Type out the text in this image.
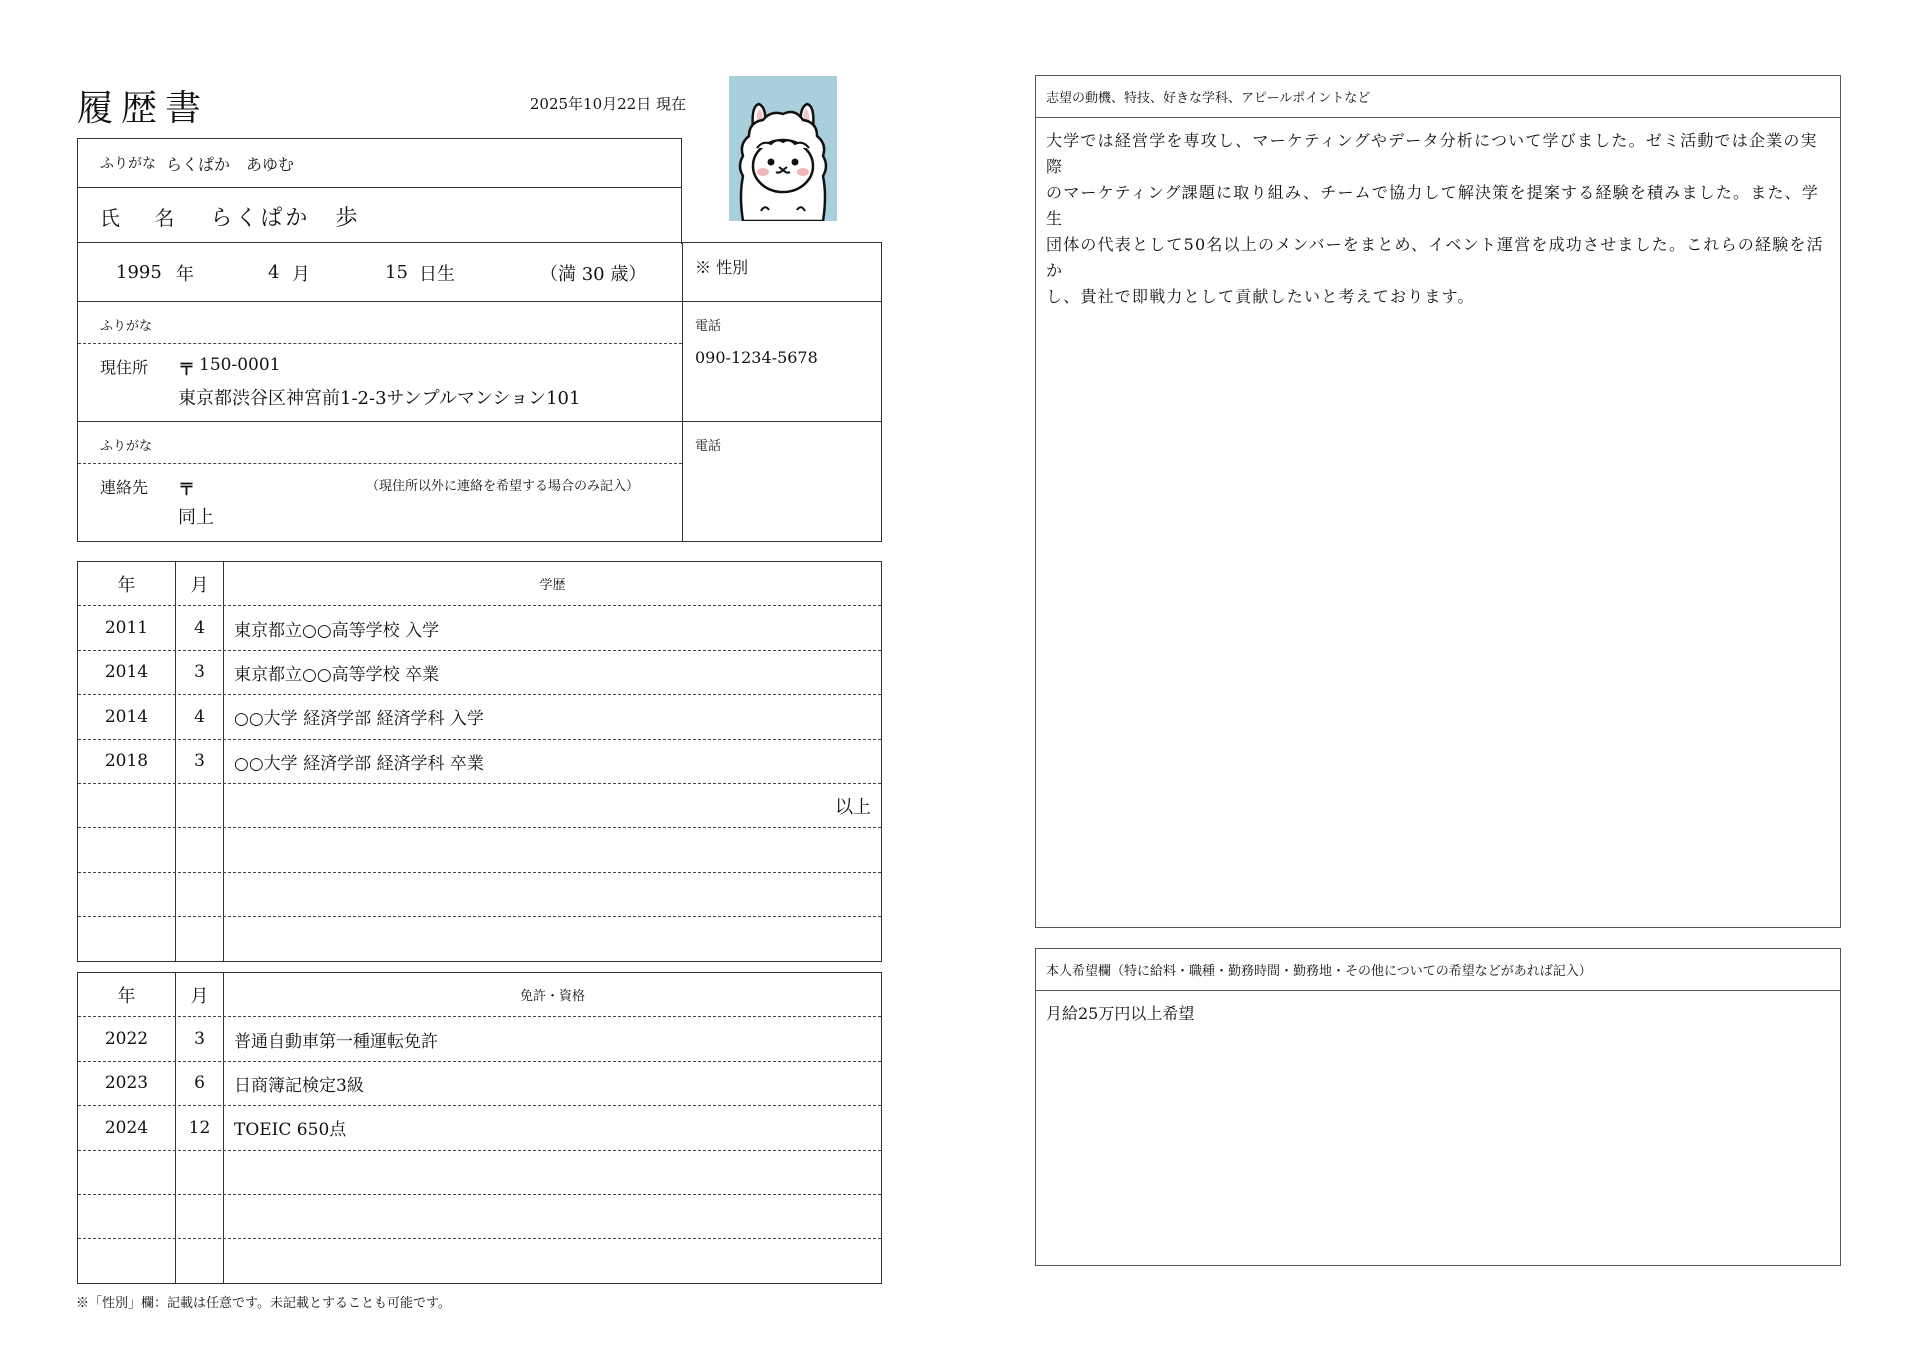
履歴書	2025年10月22日 現在
ふりがな らくぱか　あゆむ
氏 名 らくぱか　歩
1995 年	4 月	15 日生	（満 30 歳）	※ 性別
ふりがな
現住所 〒 150-0001
東京都渋谷区神宮前1-2-3サンプルマンション101
電話
090-1234-5678
ふりがな
連絡先 〒	（現住所以外に連絡を希望する場合のみ記入）
同上
電話
年	月	学歴
2011	4	東京都立○○高等学校 入学
2014	3	東京都立○○高等学校 卒業
2014	4	○○大学 経済学部 経済学科 入学
2018	3	○○大学 経済学部 経済学科 卒業
以上
年	月	免許・資格
2022	3	普通自動車第一種運転免許
2023	6	日商簿記検定3級
2024	12	TOEIC 650点
※「性別」欄：記載は任意です。未記載とすることも可能です。
志望の動機、特技、好きな学科、アピールポイントなど
大学では経営学を専攻し、マーケティングやデータ分析について学びました。ゼミ活動では企業の実際
のマーケティング課題に取り組み、チームで協力して解決策を提案する経験を積みました。また、学生
団体の代表として50名以上のメンバーをまとめ、イベント運営を成功させました。これらの経験を活か
し、貴社で即戦力として貢献したいと考えております。
本人希望欄（特に給料・職種・勤務時間・勤務地・その他についての希望などがあれば記入）
月給25万円以上希望
